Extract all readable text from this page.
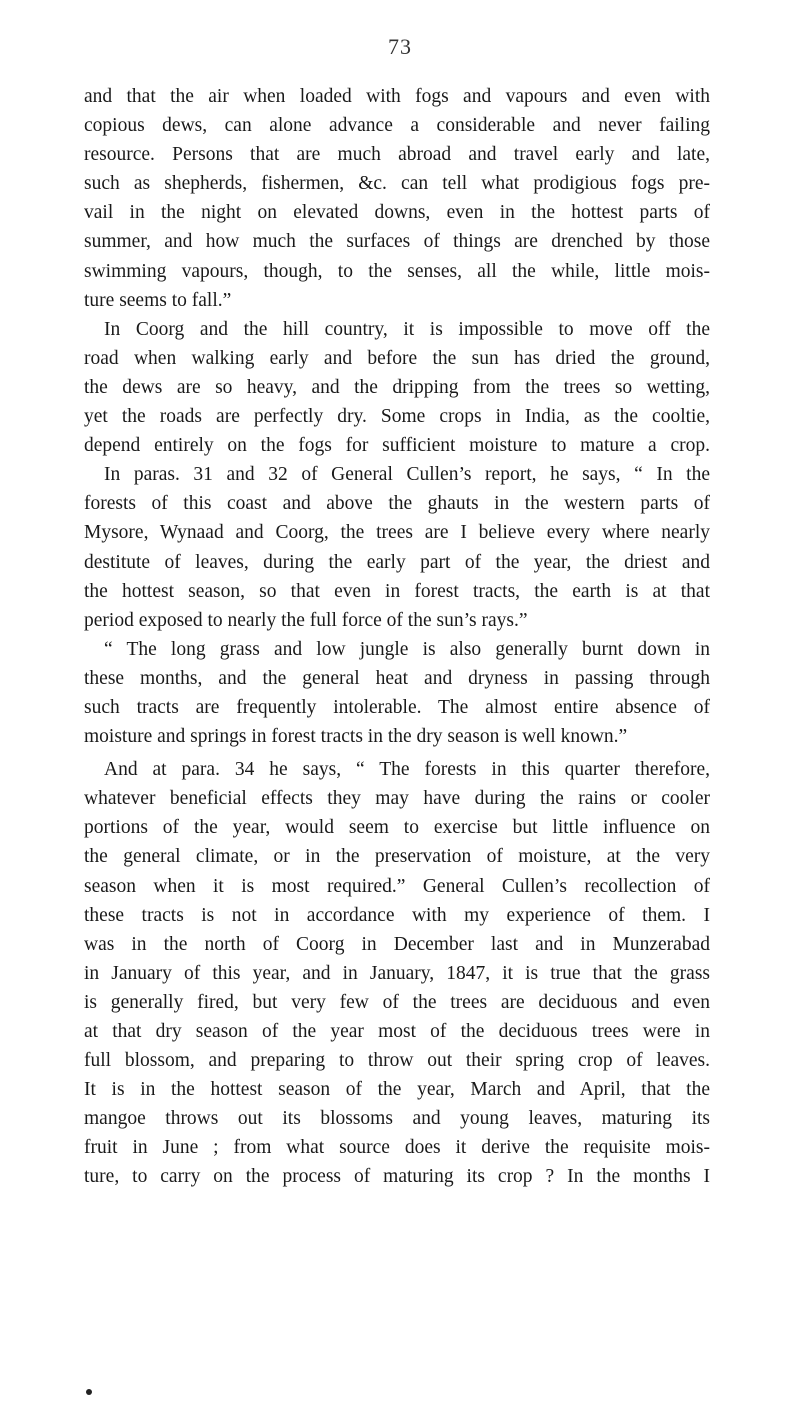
73
and that the air when loaded with fogs and vapours and even with
copious dews, can alone advance a considerable and never failing
resource. Persons that are much abroad and travel early and late,
such as shepherds, fishermen, &c. can tell what prodigious fogs pre-
vail in the night on elevated downs, even in the hottest parts of
summer, and how much the surfaces of things are drenched by those
swimming vapours, though, to the senses, all the while, little mois-
ture seems to fall.”
In Coorg and the hill country, it is impossible to move off the
road when walking early and before the sun has dried the ground,
the dews are so heavy, and the dripping from the trees so wetting,
yet the roads are perfectly dry. Some crops in India, as the cooltie,
depend entirely on the fogs for sufficient moisture to mature a crop.
In paras. 31 and 32 of General Cullen’s report, he says, “ In the
forests of this coast and above the ghauts in the western parts of
Mysore, Wynaad and Coorg, the trees are I believe every where nearly
destitute of leaves, during the early part of the year, the driest and
the hottest season, so that even in forest tracts, the earth is at that
period exposed to nearly the full force of the sun’s rays.”
“ The long grass and low jungle is also generally burnt down in
these months, and the general heat and dryness in passing through
such tracts are frequently intolerable. The almost entire absence of
moisture and springs in forest tracts in the dry season is well known.”
And at para. 34 he says, “ The forests in this quarter therefore,
whatever beneficial effects they may have during the rains or cooler
portions of the year, would seem to exercise but little influence on
the general climate, or in the preservation of moisture, at the very
season when it is most required.” General Cullen’s recollection of
these tracts is not in accordance with my experience of them. I
was in the north of Coorg in December last and in Munzerabad
in January of this year, and in January, 1847, it is true that the grass
is generally fired, but very few of the trees are deciduous and even
at that dry season of the year most of the deciduous trees were in
full blossom, and preparing to throw out their spring crop of leaves.
It is in the hottest season of the year, March and April, that the
mangoe throws out its blossoms and young leaves, maturing its
fruit in June ; from what source does it derive the requisite mois-
ture, to carry on the process of maturing its crop ? In the months I
